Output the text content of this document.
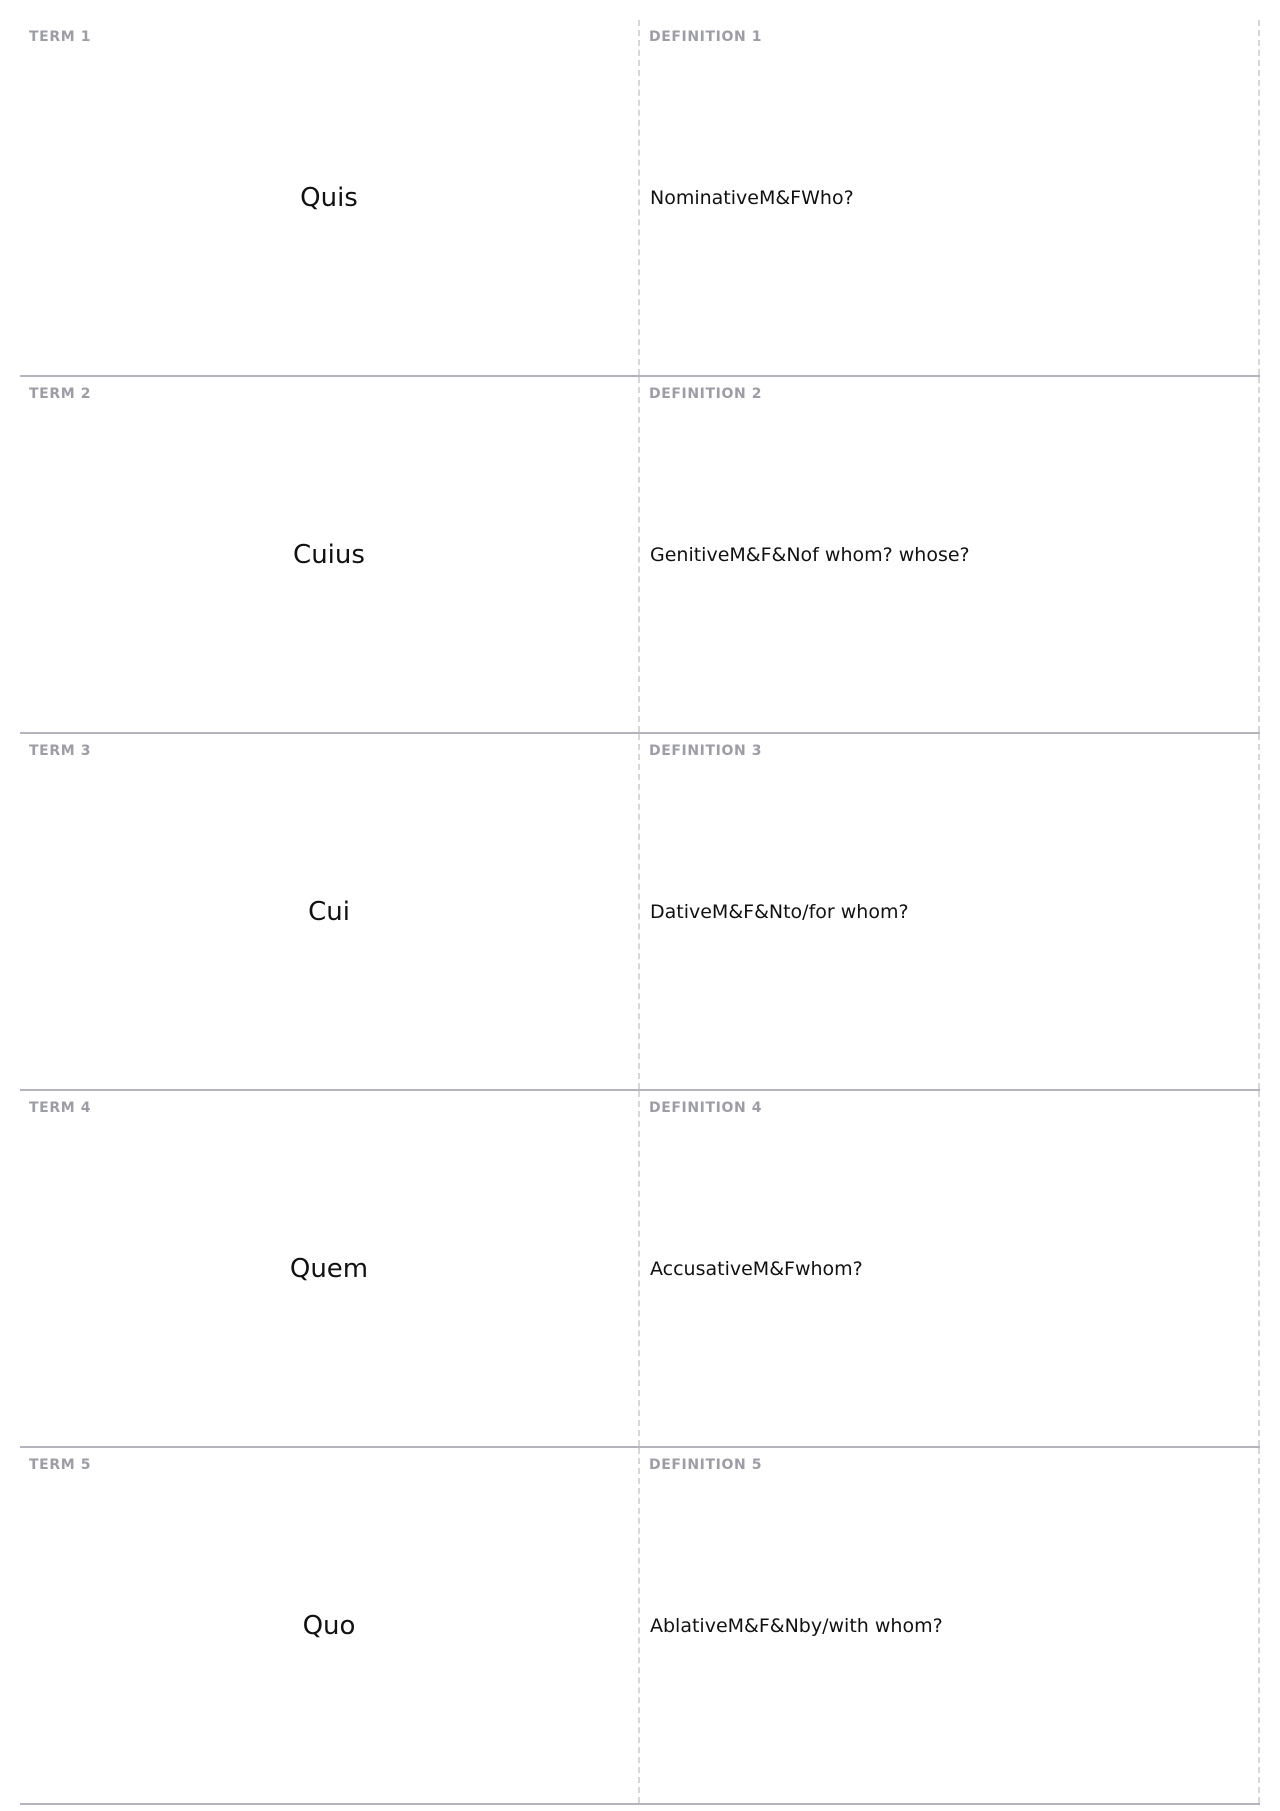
TERM 1
Quis
DEFINITION 1
NominativeM&FWho?
TERM 2
Cuius
DEFINITION 2
GenitiveM&F&Nof whom? whose?
TERM 3
Cui
DEFINITION 3
DativeM&F&Nto/for whom?
TERM 4
Quem
DEFINITION 4
AccusativeM&Fwhom?
TERM 5
Quo
DEFINITION 5
AblativeM&F&Nby/with whom?
